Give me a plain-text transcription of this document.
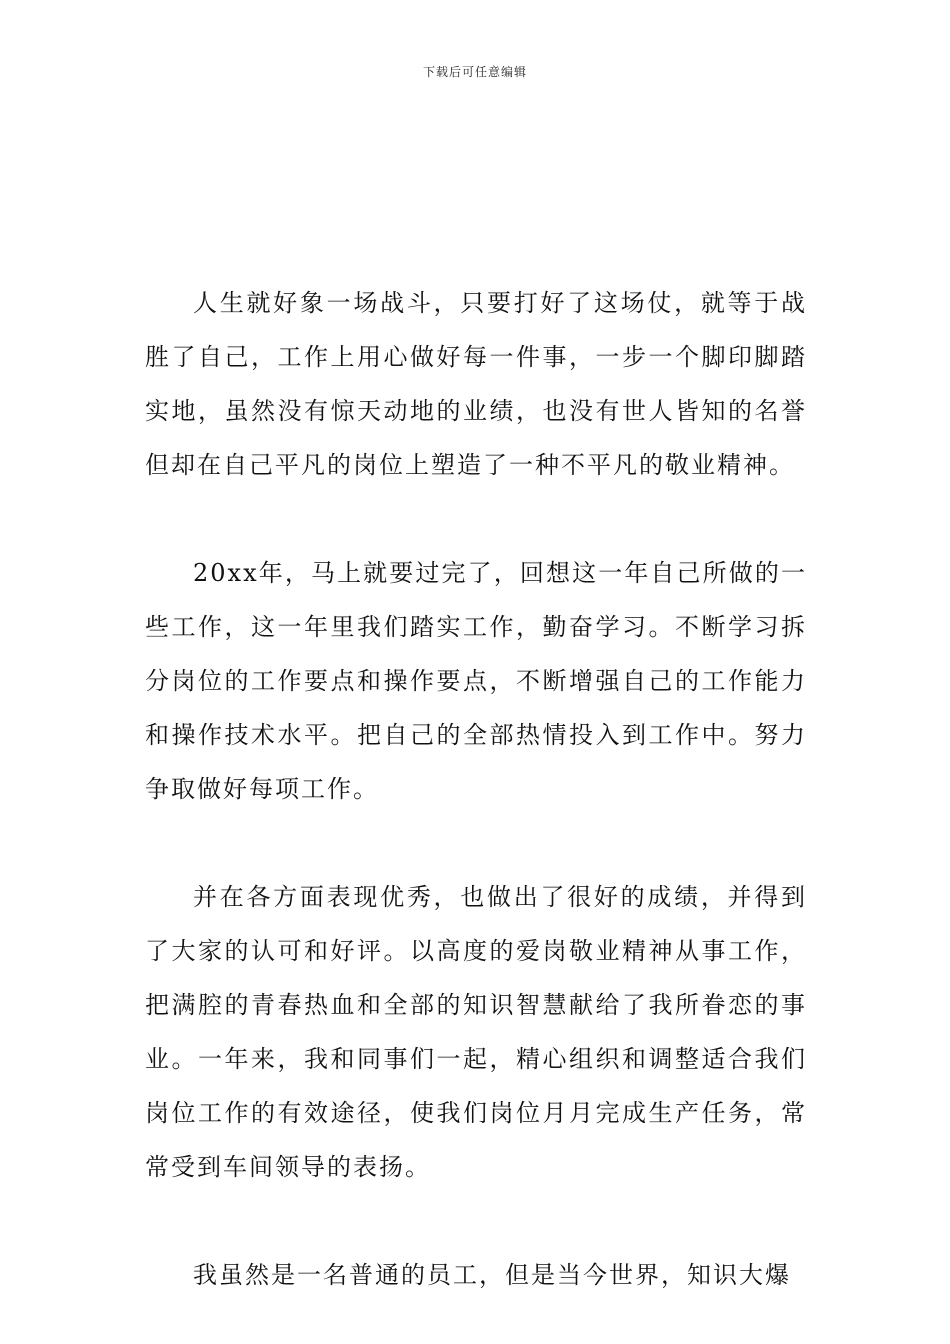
下载后可任意编辑

人生就好象一场战斗，只要打好了这场仗，就等于战胜了自己，工作上用心做好每一件事，一步一个脚印脚踏实地，虽然没有惊天动地的业绩，也没有世人皆知的名誉但却在自己平凡的岗位上塑造了一种不平凡的敬业精神。

20xx年，马上就要过完了，回想这一年自己所做的一些工作，这一年里我们踏实工作，勤奋学习。不断学习拆分岗位的工作要点和操作要点，不断增强自己的工作能力和操作技术水平。把自己的全部热情投入到工作中。努力争取做好每项工作。

并在各方面表现优秀，也做出了很好的成绩，并得到了大家的认可和好评。以高度的爱岗敬业精神从事工作，把满腔的青春热血和全部的知识智慧献给了我所眷恋的事业。一年来，我和同事们一起，精心组织和调整适合我们岗位工作的有效途径，使我们岗位月月完成生产任务，常常受到车间领导的表扬。

我虽然是一名普通的员工，但是当今世界，知识大爆
